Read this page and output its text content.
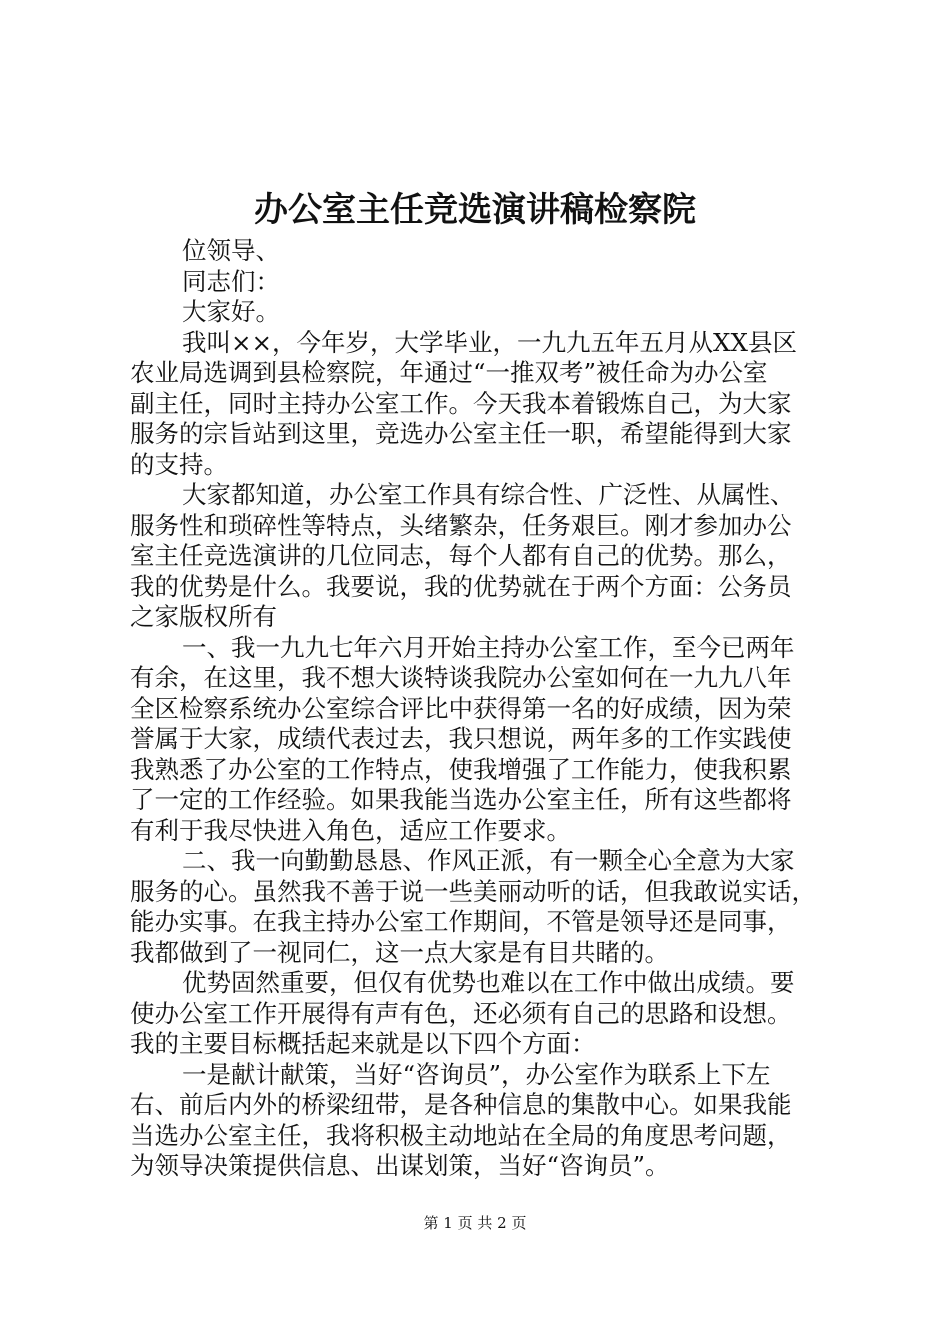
办公室主任竞选演讲稿检察院
位领导、
同志们：
大家好。
我叫××，今年岁，大学毕业，一九九五年五月从XX县区
农业局选调到县检察院，年通过“一推双考”被任命为办公室
副主任，同时主持办公室工作。今天我本着锻炼自己，为大家
服务的宗旨站到这里，竞选办公室主任一职，希望能得到大家
的支持。
大家都知道，办公室工作具有综合性、广泛性、从属性、
服务性和琐碎性等特点，头绪繁杂，任务艰巨。刚才参加办公
室主任竞选演讲的几位同志，每个人都有自己的优势。那么，
我的优势是什么。我要说，我的优势就在于两个方面：公务员
之家版权所有
一、我一九九七年六月开始主持办公室工作，至今已两年
有余，在这里，我不想大谈特谈我院办公室如何在一九九八年
全区检察系统办公室综合评比中获得第一名的好成绩，因为荣
誉属于大家，成绩代表过去，我只想说，两年多的工作实践使
我熟悉了办公室的工作特点，使我增强了工作能力，使我积累
了一定的工作经验。如果我能当选办公室主任，所有这些都将
有利于我尽快进入角色，适应工作要求。
二、我一向勤勤恳恳、作风正派，有一颗全心全意为大家
服务的心。虽然我不善于说一些美丽动听的话，但我敢说实话，
能办实事。在我主持办公室工作期间，不管是领导还是同事，
我都做到了一视同仁，这一点大家是有目共睹的。
优势固然重要，但仅有优势也难以在工作中做出成绩。要
使办公室工作开展得有声有色，还必须有自己的思路和设想。
我的主要目标概括起来就是以下四个方面：
一是献计献策，当好“咨询员”，办公室作为联系上下左
右、前后内外的桥梁纽带，是各种信息的集散中心。如果我能
当选办公室主任，我将积极主动地站在全局的角度思考问题，
为领导决策提供信息、出谋划策，当好“咨询员”。
第 1 页 共 2 页
